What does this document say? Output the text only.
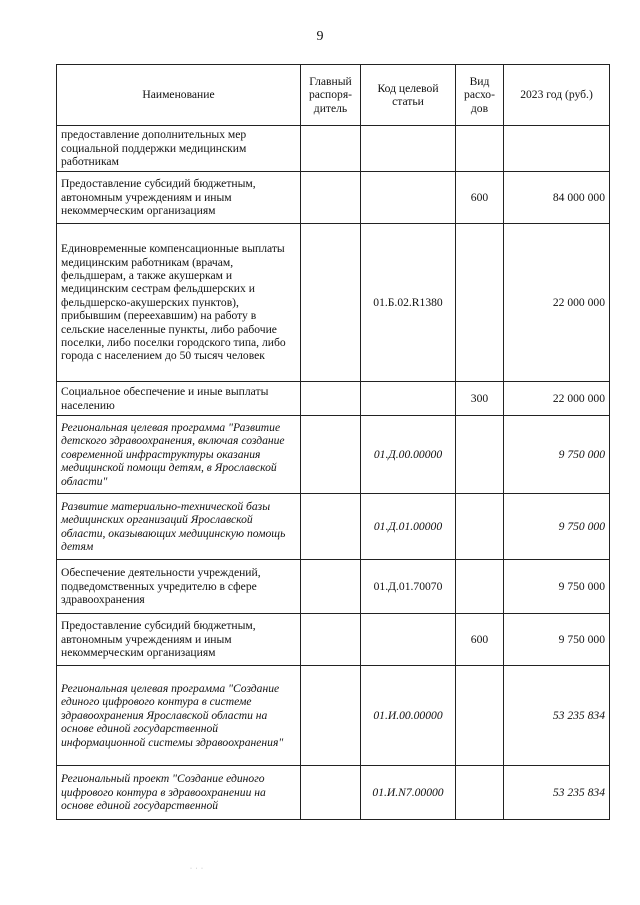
9
Наименование	Главный распоря-дитель	Код целевой статьи	Вид расхо-дов	2023 год (руб.)
предоставление дополнительных мер социальной поддержки медицинским работникам				
Предоставление субсидий бюджетным, автономным учреждениям и иным некоммерческим организациям			600	84 000 000
Единовременные компенсационные выплаты медицинским работникам (врачам, фельдшерам, а также акушеркам и медицинским сестрам фельдшерских и фельдшерско-акушерских пунктов), прибывшим (переехавшим) на работу в сельские населенные пункты, либо рабочие поселки, либо поселки городского типа, либо города с населением до 50 тысяч человек		01.Б.02.R1380		22 000 000
Социальное обеспечение и иные выплаты населению			300	22 000 000
Региональная целевая программа "Развитие детского здравоохранения, включая создание современной инфраструктуры оказания медицинской помощи детям, в Ярославской области"		01.Д.00.00000		9 750 000
Развитие материально-технической базы медицинских организаций Ярославской области, оказывающих медицинскую помощь детям		01.Д.01.00000		9 750 000
Обеспечение деятельности учреждений, подведомственных учредителю в сфере здравоохранения		01.Д.01.70070		9 750 000
Предоставление субсидий бюджетным, автономным учреждениям и иным некоммерческим организациям			600	9 750 000
Региональная целевая программа "Создание единого цифрового контура в системе здравоохранения Ярославской области на основе единой государственной информационной системы здравоохранения"		01.И.00.00000		53 235 834
Региональный проект "Создание единого цифрового контура в здравоохранении на основе единой государственной		01.И.N7.00000		53 235 834
· · ·
